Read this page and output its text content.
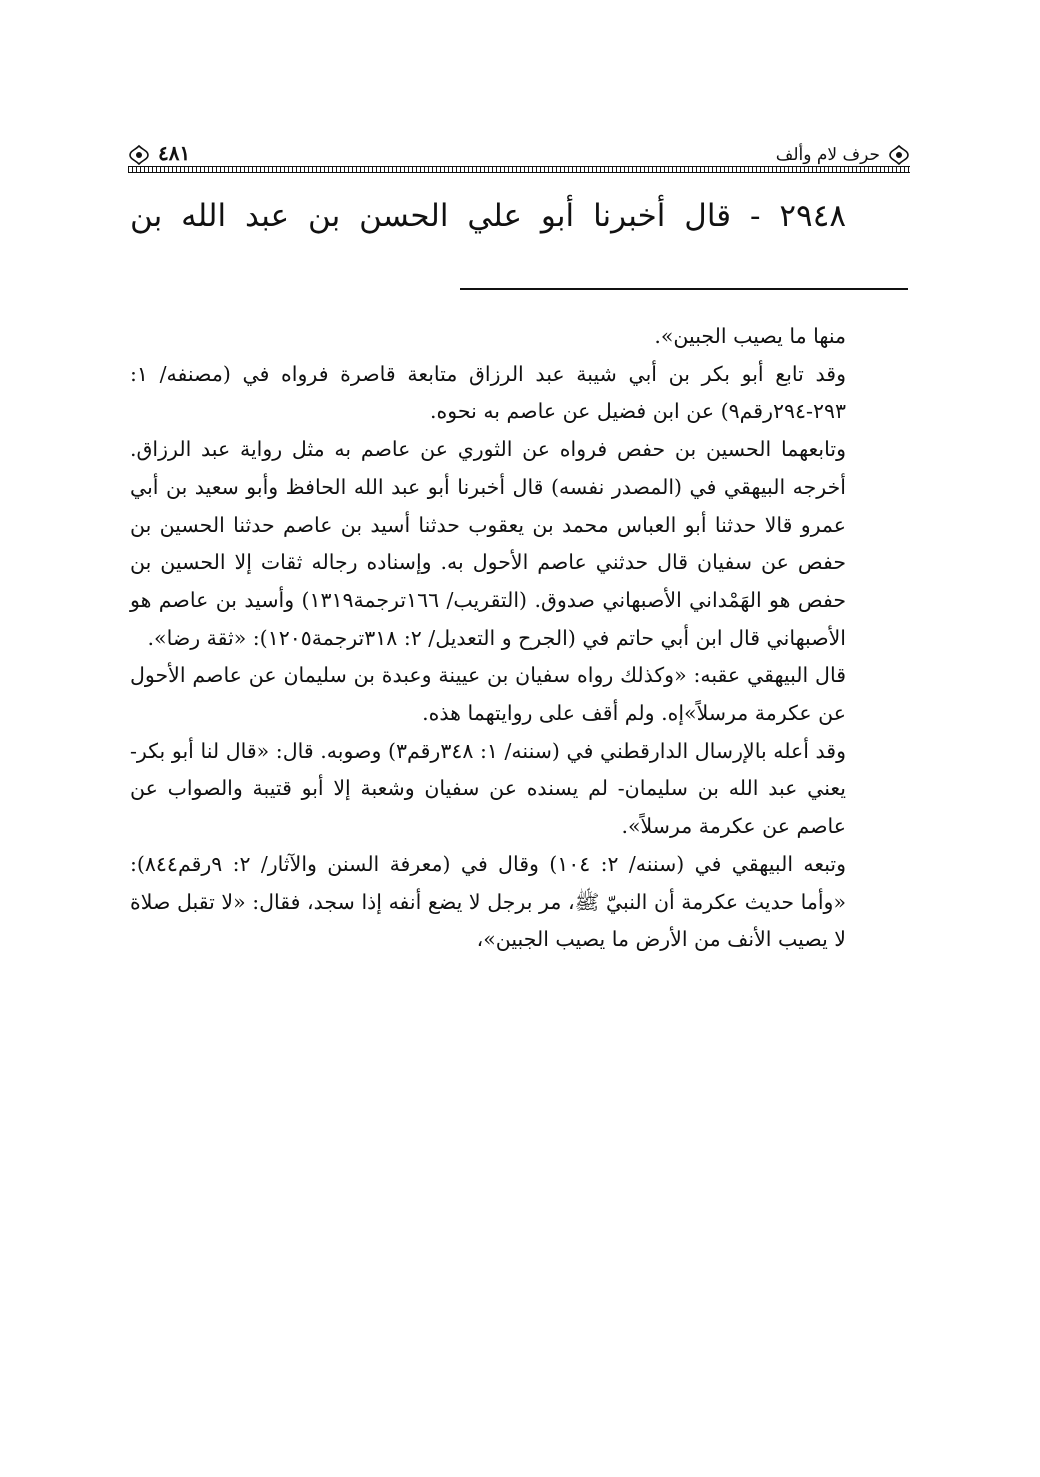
حرف لام وألف
٤٨١
٢٩٤٨ - قال أخبرنا أبو علي الحسن بن عبد الله بن

منها ما يصيب الجبين».

وقد تابع أبو بكر بن أبي شيبة عبد الرزاق متابعة قاصرة فرواه في (مصنفه/ ١: ٢٩٣-٢٩٤رقم٩) عن ابن فضيل عن عاصم به نحوه.

وتابعهما الحسين بن حفص فرواه عن الثوري عن عاصم به مثل رواية عبد الرزاق. أخرجه البيهقي في (المصدر نفسه) قال أخبرنا أبو عبد الله الحافظ وأبو سعيد بن أبي عمرو قالا حدثنا أبو العباس محمد بن يعقوب حدثنا أسيد بن عاصم حدثنا الحسين بن حفص عن سفيان قال حدثني عاصم الأحول به. وإسناده رجاله ثقات إلا الحسين بن حفص هو الهَمْداني الأصبهاني صدوق. (التقريب/ ١٦٦ترجمة١٣١٩) وأسيد بن عاصم هو الأصبهاني قال ابن أبي حاتم في (الجرح و التعديل/ ٢: ٣١٨ترجمة١٢٠٥): «ثقة رضا».

قال البيهقي عقبه: «وكذلك رواه سفيان بن عيينة وعبدة بن سليمان عن عاصم الأحول عن عكرمة مرسلاً»إه. ولم أقف على روايتهما هذه.

وقد أعله بالإرسال الدارقطني في (سننه/ ١: ٣٤٨رقم٣) وصوبه. قال: «قال لنا أبو بكر-يعني عبد الله بن سليمان- لم يسنده عن سفيان وشعبة إلا أبو قتيبة والصواب عن عاصم عن عكرمة مرسلاً».

وتبعه البيهقي في (سننه/ ٢: ١٠٤) وقال في (معرفة السنن والآثار/ ٢: ٩رقم٨٤٤): «وأما حديث عكرمة أن النبيّ ﷺ، مر برجل لا يضع أنفه إذا سجد، فقال: «لا تقبل صلاة لا يصيب الأنف من الأرض ما يصيب الجبين»،
